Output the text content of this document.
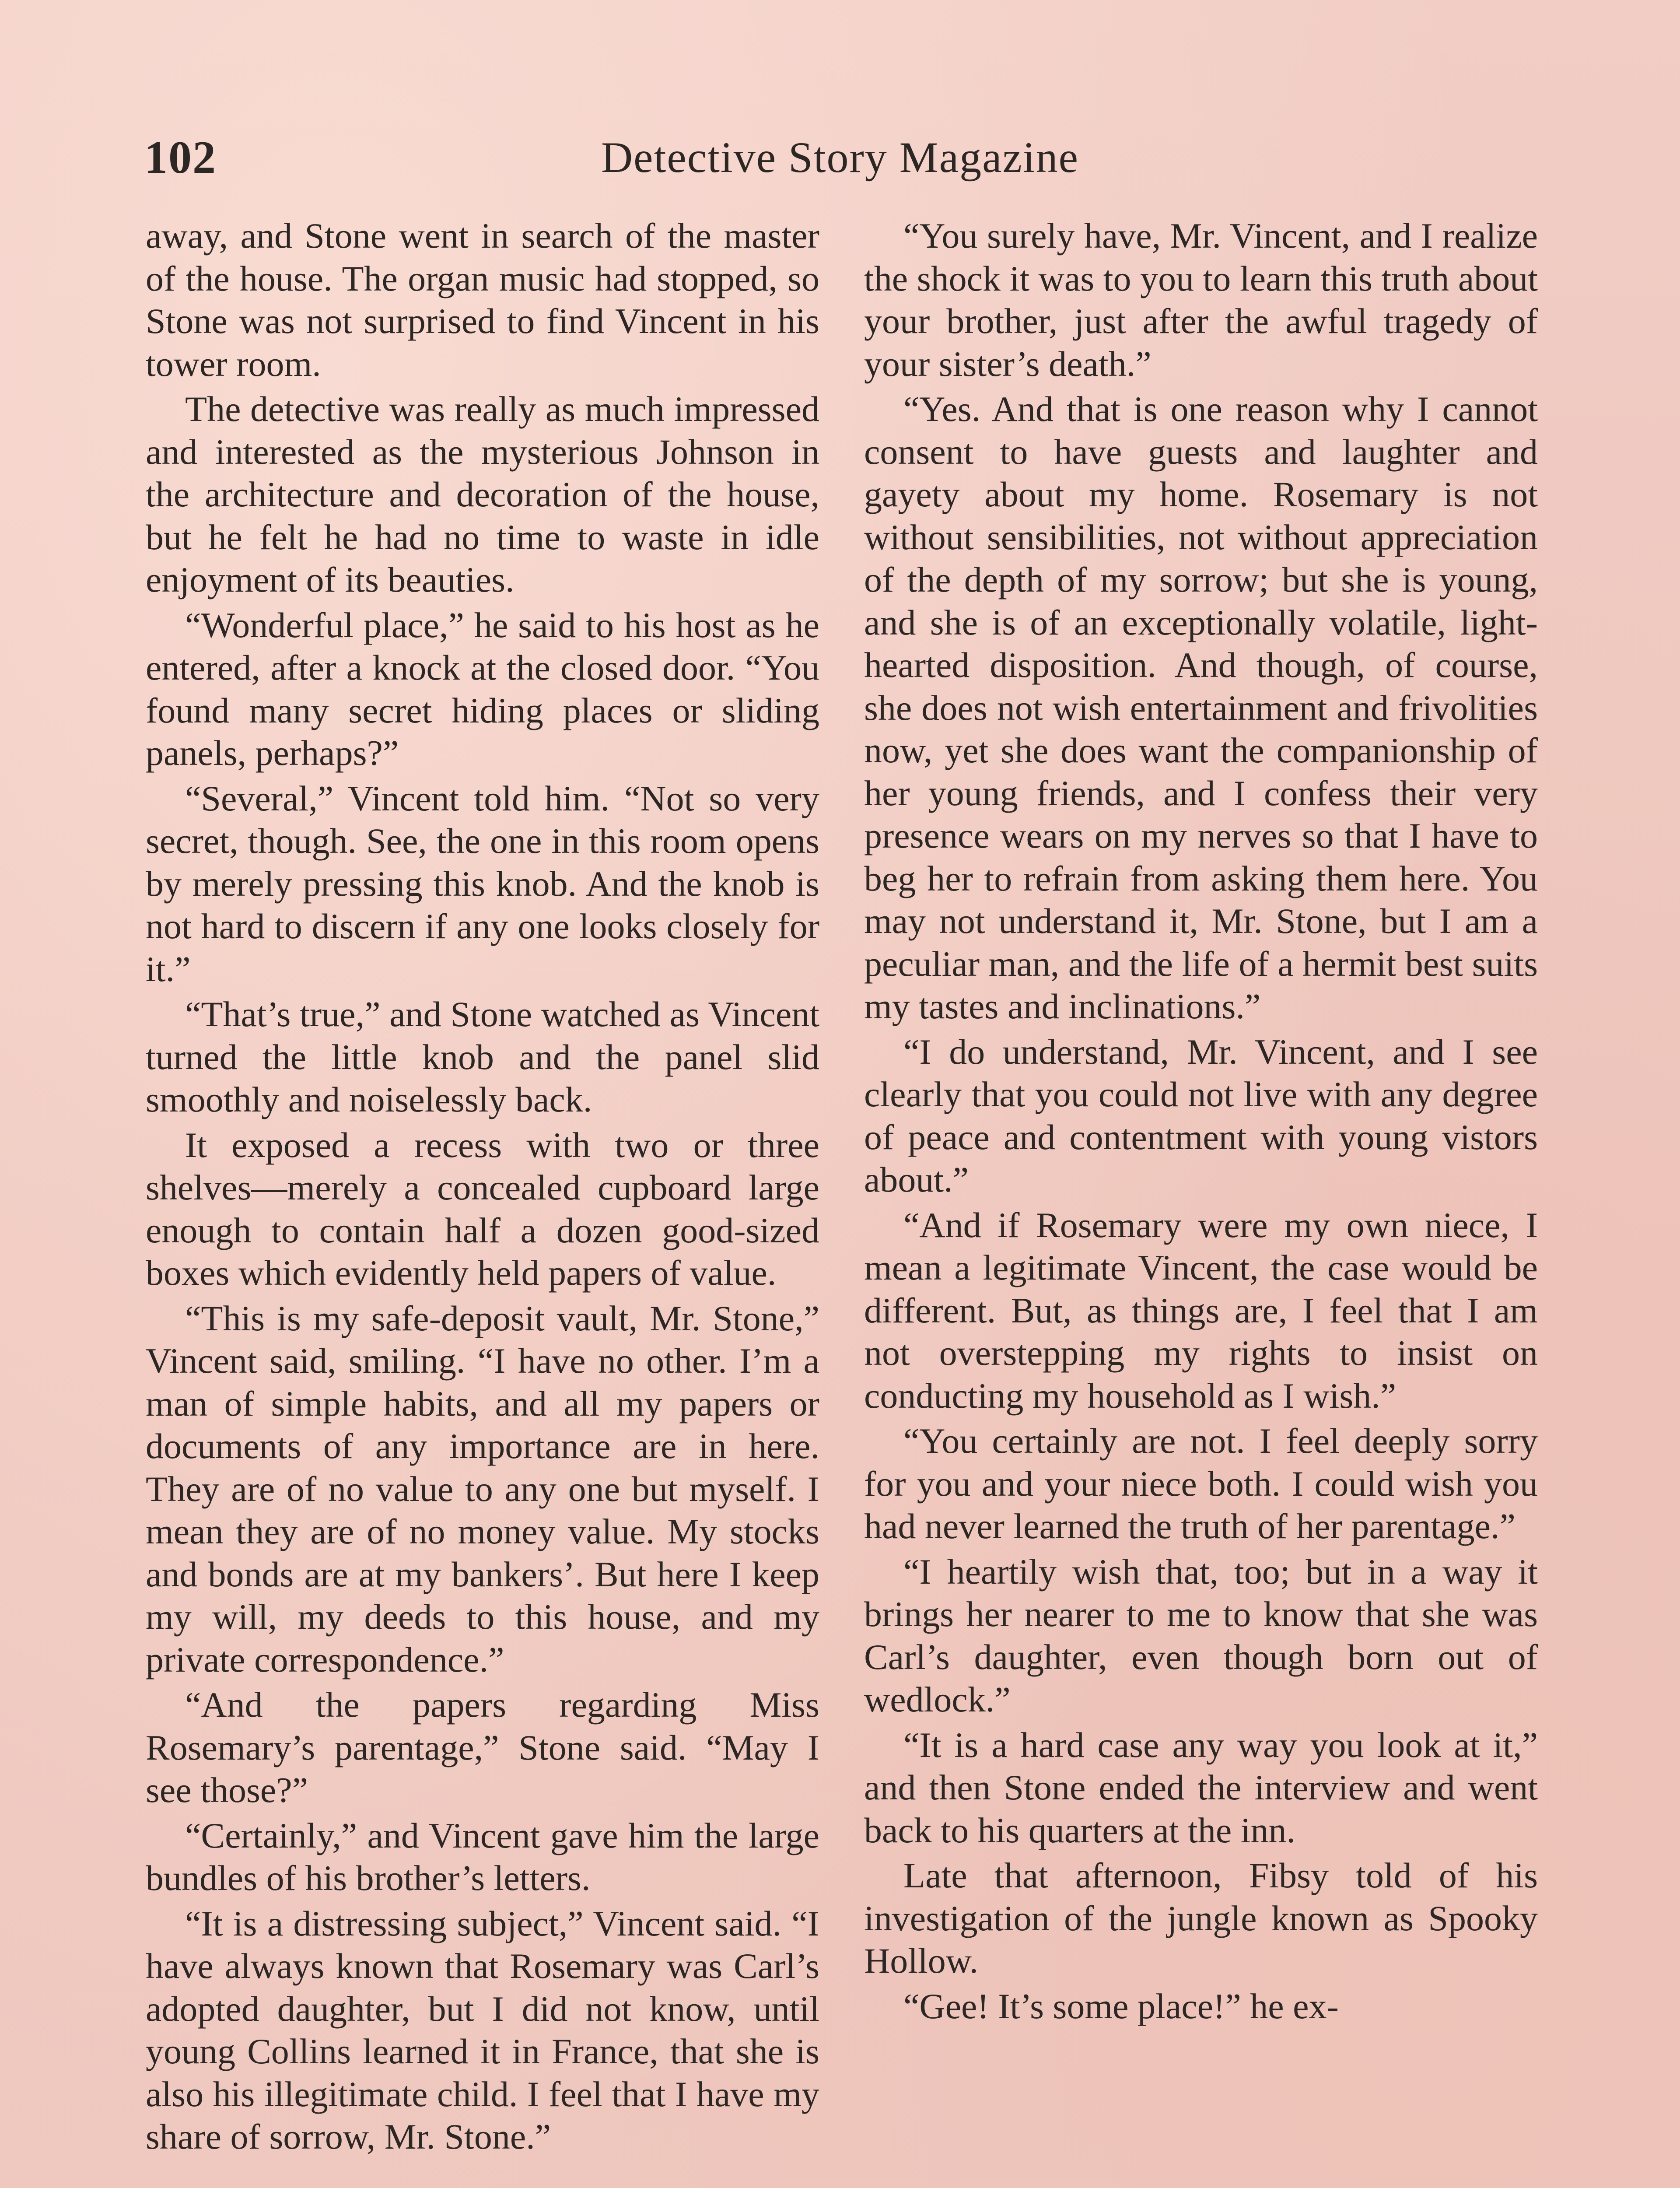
102	Detective Story Magazine

away, and Stone went in search of the master of the house. The organ music had stopped, so Stone was not surprised to find Vincent in his tower room.

The detective was really as much impressed and interested as the mysterious Johnson in the architecture and decoration of the house, but he felt he had no time to waste in idle enjoyment of its beauties.

“Wonderful place,” he said to his host as he entered, after a knock at the closed door. “You found many secret hiding places or sliding panels, perhaps?”

“Several,” Vincent told him. “Not so very secret, though. See, the one in this room opens by merely pressing this knob. And the knob is not hard to discern if any one looks closely for it.”

“That’s true,” and Stone watched as Vincent turned the little knob and the panel slid smoothly and noiselessly back.

It exposed a recess with two or three shelves—merely a concealed cupboard large enough to contain half a dozen good-sized boxes which evidently held papers of value.

“This is my safe-deposit vault, Mr. Stone,” Vincent said, smiling. “I have no other. I’m a man of simple habits, and all my papers or documents of any importance are in here. They are of no value to any one but myself. I mean they are of no money value. My stocks and bonds are at my bankers’. But here I keep my will, my deeds to this house, and my private correspondence.”

“And the papers regarding Miss Rosemary’s parentage,” Stone said. “May I see those?”

“Certainly,” and Vincent gave him the large bundles of his brother’s letters.

“It is a distressing subject,” Vincent said. “I have always known that Rosemary was Carl’s adopted daughter, but I did not know, until young Collins learned it in France, that she is also his illegitimate child. I feel that I have my share of sorrow, Mr. Stone.”

“You surely have, Mr. Vincent, and I realize the shock it was to you to learn this truth about your brother, just after the awful tragedy of your sister’s death.”

“Yes. And that is one reason why I cannot consent to have guests and laughter and gayety about my home. Rosemary is not without sensibilities, not without appreciation of the depth of my sorrow; but she is young, and she is of an exceptionally volatile, light-hearted disposition. And though, of course, she does not wish entertainment and frivolities now, yet she does want the companionship of her young friends, and I confess their very presence wears on my nerves so that I have to beg her to refrain from asking them here. You may not understand it, Mr. Stone, but I am a peculiar man, and the life of a hermit best suits my tastes and inclinations.”

“I do understand, Mr. Vincent, and I see clearly that you could not live with any degree of peace and contentment with young vistors about.”

“And if Rosemary were my own niece, I mean a legitimate Vincent, the case would be different. But, as things are, I feel that I am not overstepping my rights to insist on conducting my household as I wish.”

“You certainly are not. I feel deeply sorry for you and your niece both. I could wish you had never learned the truth of her parentage.”

“I heartily wish that, too; but in a way it brings her nearer to me to know that she was Carl’s daughter, even though born out of wedlock.”

“It is a hard case any way you look at it,” and then Stone ended the interview and went back to his quarters at the inn.

Late that afternoon, Fibsy told of his investigation of the jungle known as Spooky Hollow.

“Gee! It’s some place!” he ex-
